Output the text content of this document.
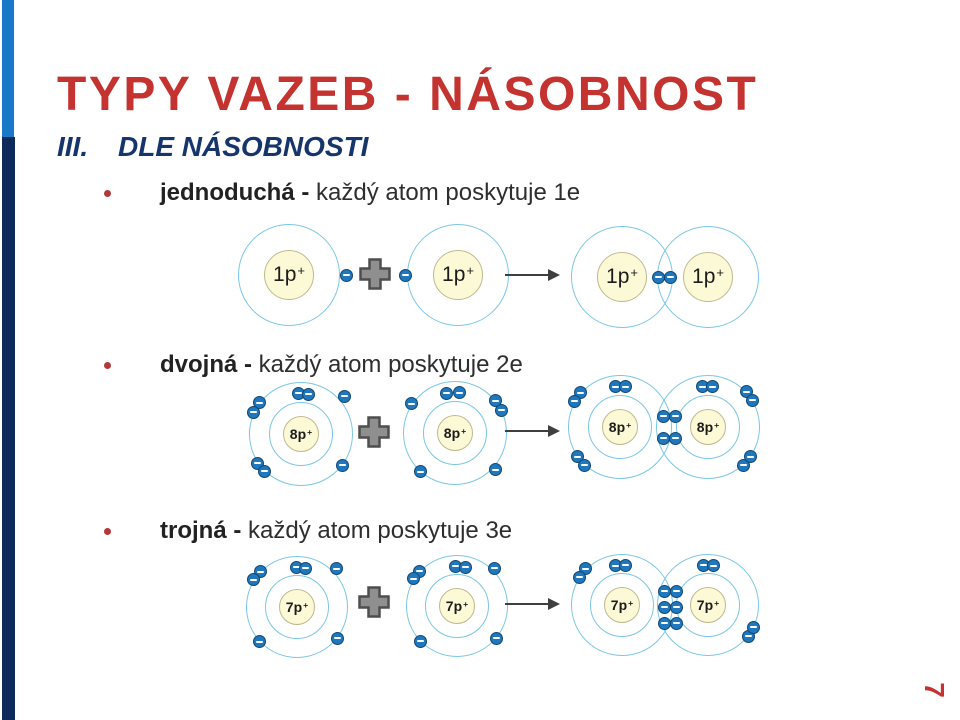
TYPY VAZEB - NÁSOBNOST
III. DLE NÁSOBNOSTI
jednoduchá - každý atom poskytuje 1e
dvojná - každý atom poskytuje 2e
trojná - každý atom poskytuje 3e
1p+	1p+	1p+	1p+
8p+	8p+	8p+	8p+
7p+	7p+	7p+	7p+
7
